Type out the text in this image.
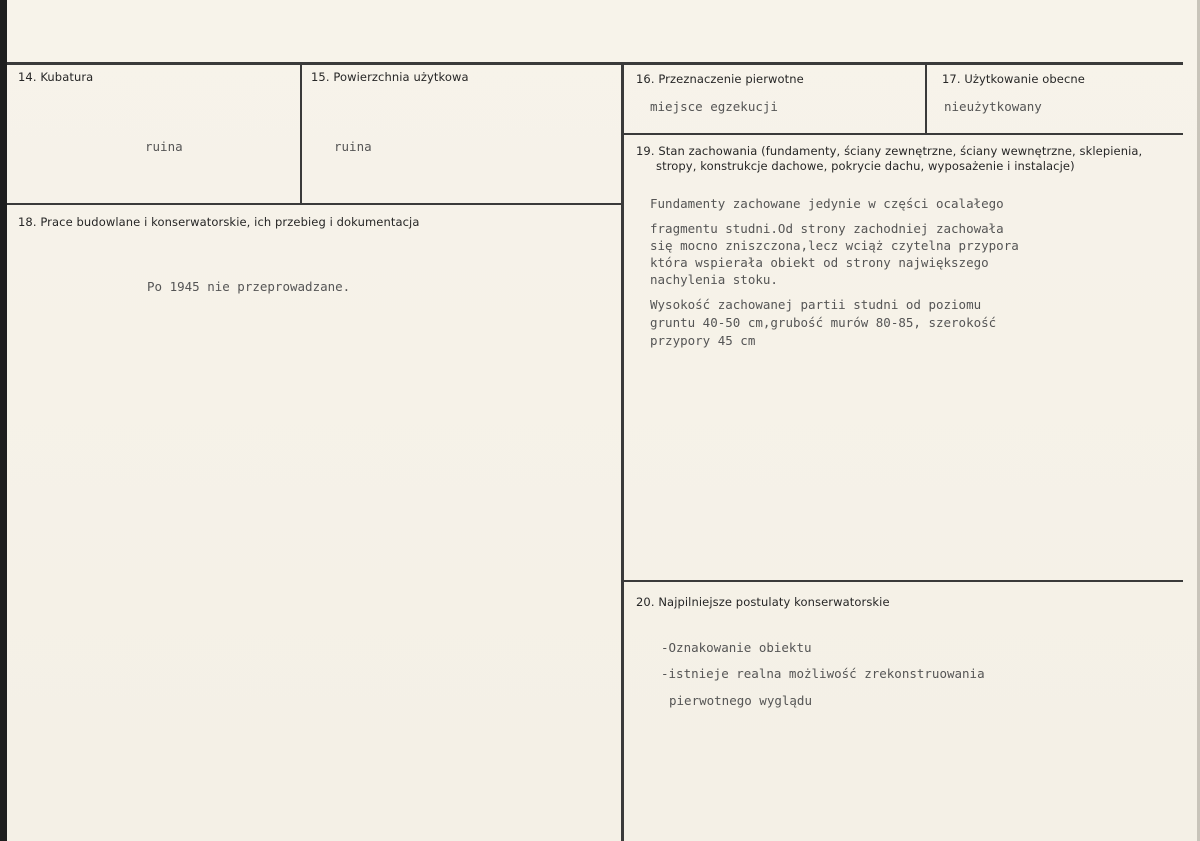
14. Kubatura
ruina
15. Powierzchnia użytkowa
ruina
16. Przeznaczenie pierwotne
miejsce egzekucji
17. Użytkowanie obecne
nieużytkowany
18. Prace budowlane i konserwatorskie, ich przebieg i dokumentacja
Po 1945 nie przeprowadzane.
19. Stan zachowania (fundamenty, ściany zewnętrzne, ściany wewnętrzne, sklepienia,
stropy, konstrukcje dachowe, pokrycie dachu, wyposażenie i instalacje)
Fundamenty zachowane jedynie w części ocalałego
fragmentu studni.Od strony zachodniej zachowała
się mocno zniszczona,lecz wciąż czytelna przypora
która wspierała obiekt od strony największego
nachylenia stoku.
Wysokość zachowanej partii studni od poziomu
gruntu 40-50 cm,grubość murów 80-85, szerokość
przypory 45 cm
20. Najpilniejsze postulaty konserwatorskie
-Oznakowanie obiektu
-istnieje realna możliwość zrekonstruowania
pierwotnego wyglądu
